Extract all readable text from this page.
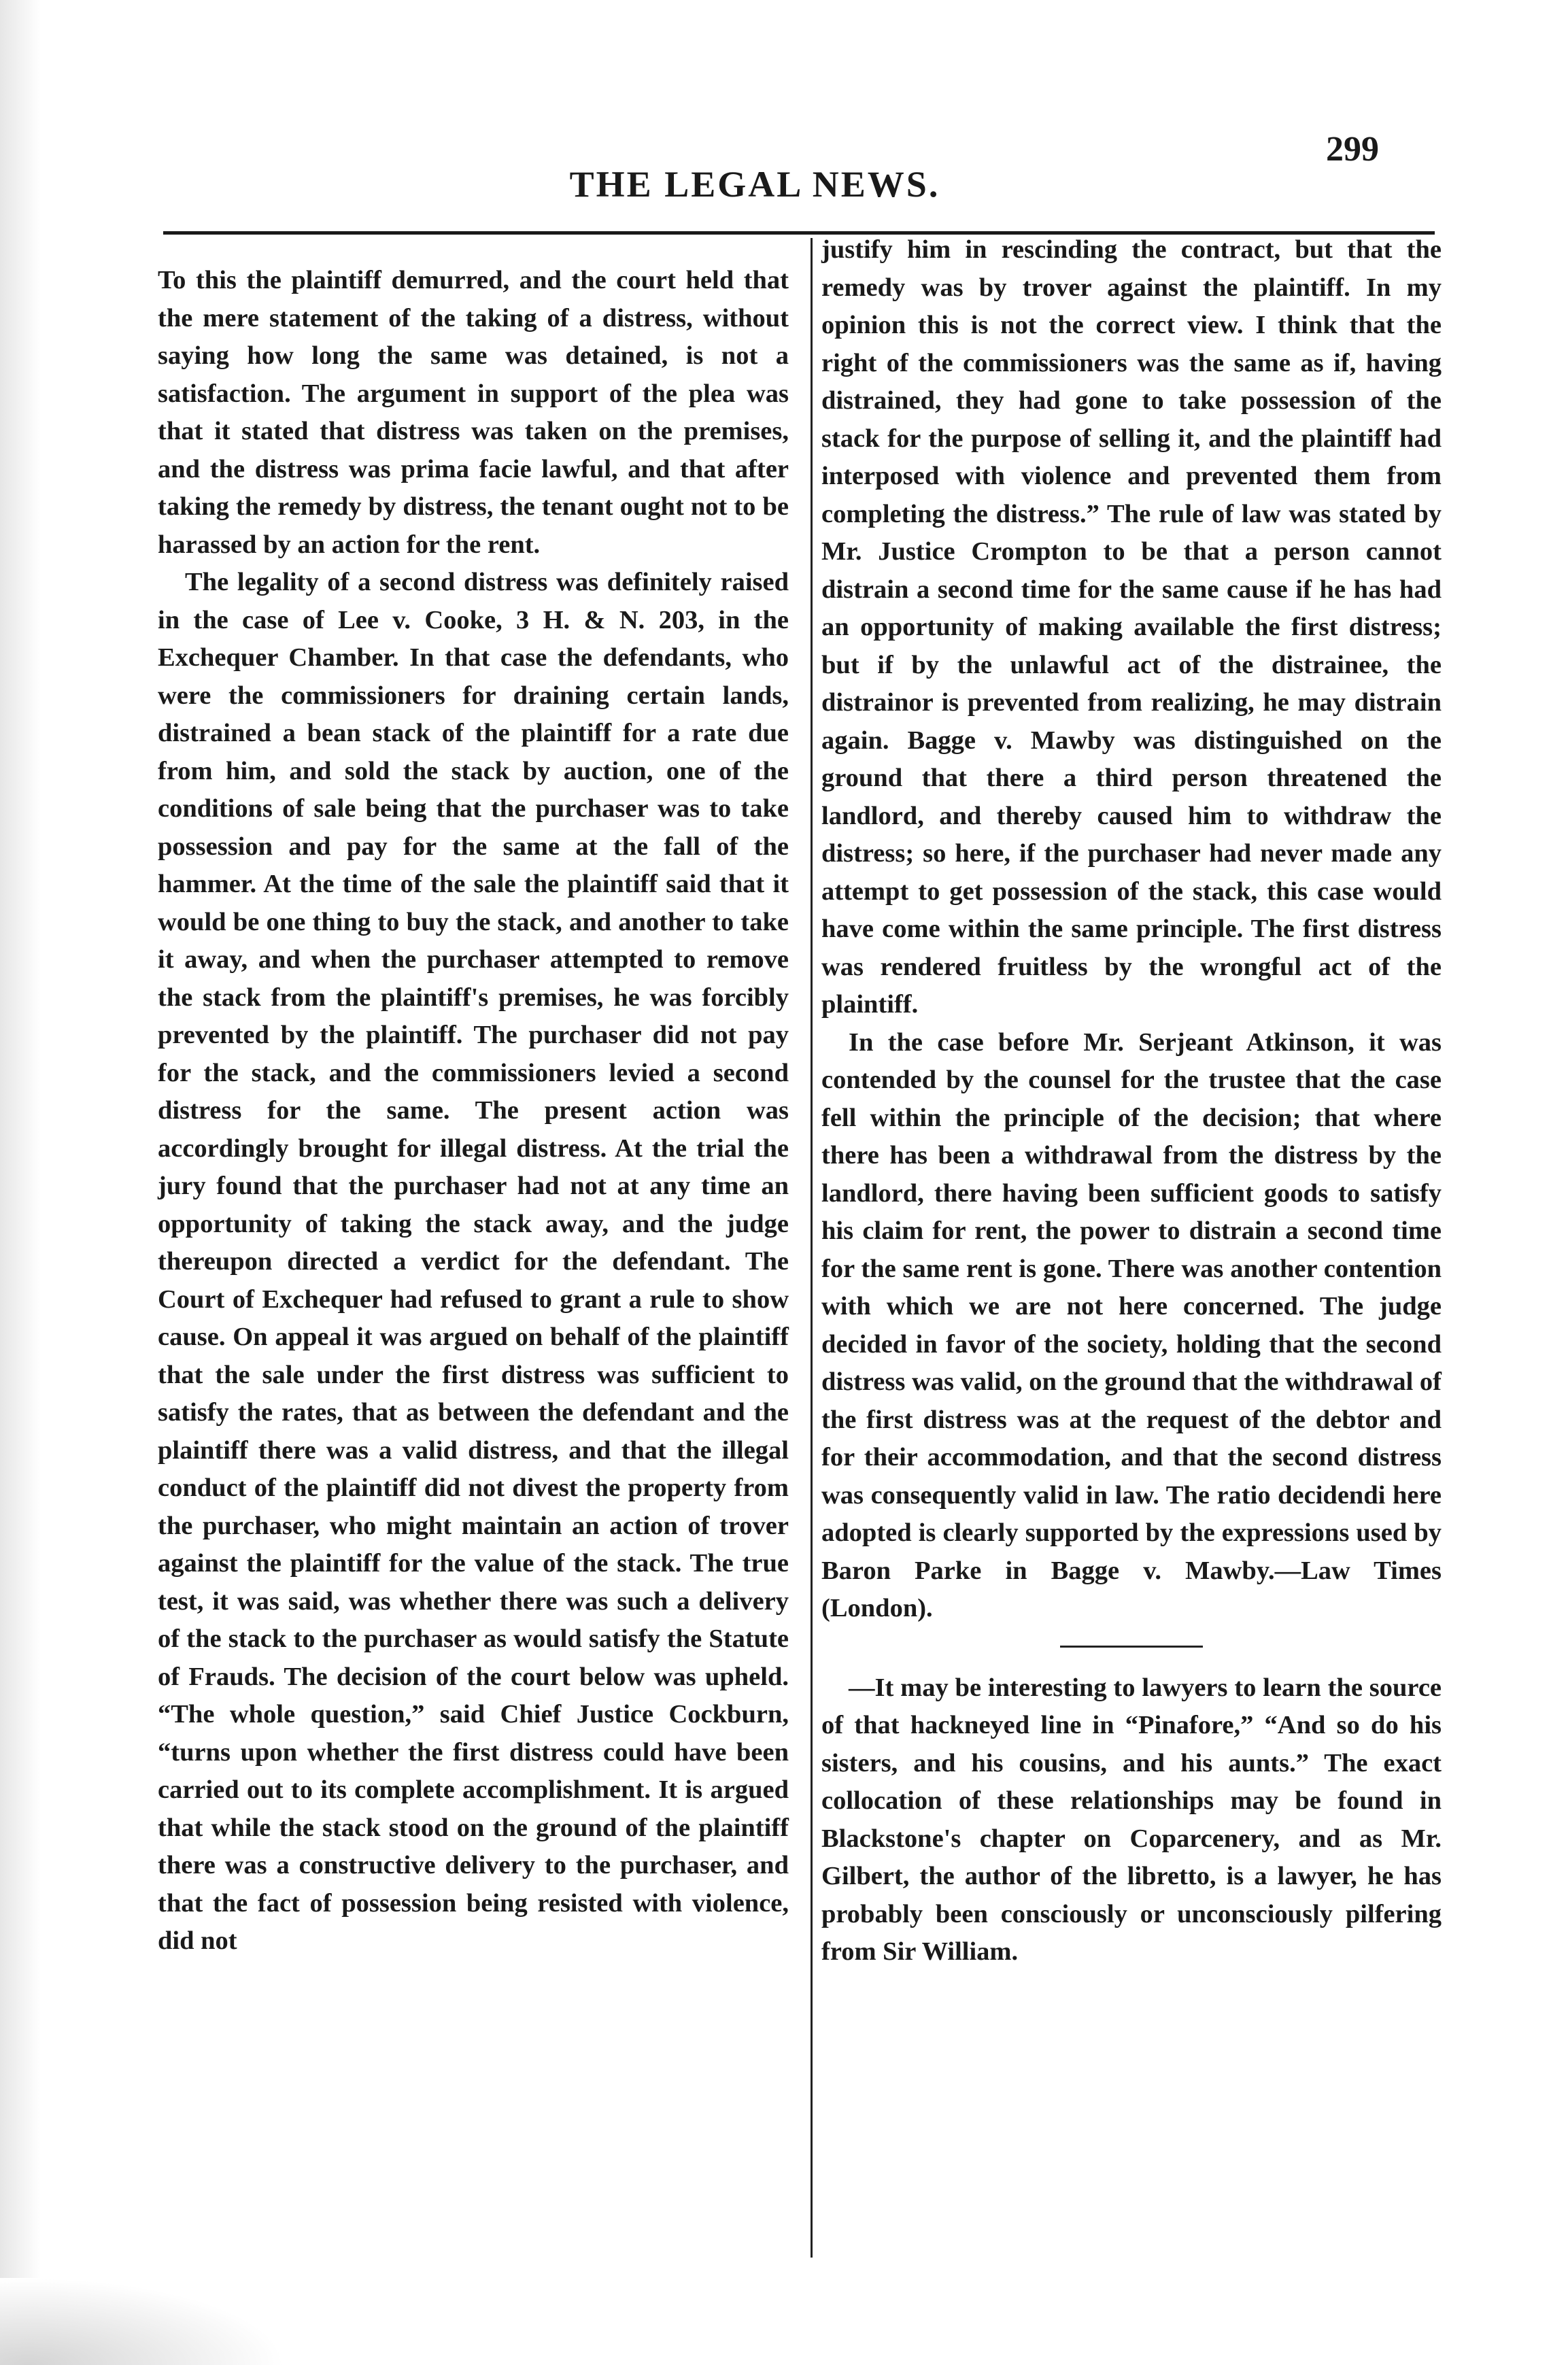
THE LEGAL NEWS.
299

To this the plaintiff demurred, and the court held that the mere statement of the taking of a distress, without saying how long the same was detained, is not a satisfaction. The argument in support of the plea was that it stated that distress was taken on the premises, and the distress was prima facie lawful, and that after taking the remedy by distress, the tenant ought not to be harassed by an action for the rent.

The legality of a second distress was definitely raised in the case of Lee v. Cooke, 3 H. & N. 203, in the Exchequer Chamber. In that case the defendants, who were the commissioners for draining certain lands, distrained a bean stack of the plaintiff for a rate due from him, and sold the stack by auction, one of the conditions of sale being that the purchaser was to take possession and pay for the same at the fall of the hammer. At the time of the sale the plaintiff said that it would be one thing to buy the stack, and another to take it away, and when the purchaser attempted to remove the stack from the plaintiff's premises, he was forcibly prevented by the plaintiff. The purchaser did not pay for the stack, and the commissioners levied a second distress for the same. The present action was accordingly brought for illegal distress. At the trial the jury found that the purchaser had not at any time an opportunity of taking the stack away, and the judge thereupon directed a verdict for the defendant. The Court of Exchequer had refused to grant a rule to show cause. On appeal it was argued on behalf of the plaintiff that the sale under the first distress was sufficient to satisfy the rates, that as between the defendant and the plaintiff there was a valid distress, and that the illegal conduct of the plaintiff did not divest the property from the purchaser, who might maintain an action of trover against the plaintiff for the value of the stack. The true test, it was said, was whether there was such a delivery of the stack to the purchaser as would satisfy the Statute of Frauds. The decision of the court below was upheld. “The whole question,” said Chief Justice Cockburn, “turns upon whether the first distress could have been carried out to its complete accomplishment. It is argued that while the stack stood on the ground of the plaintiff there was a constructive delivery to the purchaser, and that the fact of possession being resisted with violence, did not

justify him in rescinding the contract, but that the remedy was by trover against the plaintiff. In my opinion this is not the correct view. I think that the right of the commissioners was the same as if, having distrained, they had gone to take possession of the stack for the purpose of selling it, and the plaintiff had interposed with violence and prevented them from completing the distress.” The rule of law was stated by Mr. Justice Crompton to be that a person cannot distrain a second time for the same cause if he has had an opportunity of making available the first distress; but if by the unlawful act of the distrainee, the distrainor is prevented from realizing, he may distrain again. Bagge v. Mawby was distinguished on the ground that there a third person threatened the landlord, and thereby caused him to withdraw the distress; so here, if the purchaser had never made any attempt to get possession of the stack, this case would have come within the same principle. The first distress was rendered fruitless by the wrongful act of the plaintiff.

In the case before Mr. Serjeant Atkinson, it was contended by the counsel for the trustee that the case fell within the principle of the decision; that where there has been a withdrawal from the distress by the landlord, there having been sufficient goods to satisfy his claim for rent, the power to distrain a second time for the same rent is gone. There was another contention with which we are not here concerned. The judge decided in favor of the society, holding that the second distress was valid, on the ground that the withdrawal of the first distress was at the request of the debtor and for their accommodation, and that the second distress was consequently valid in law. The ratio decidendi here adopted is clearly supported by the expressions used by Baron Parke in Bagge v. Mawby.—Law Times (London).

—It may be interesting to lawyers to learn the source of that hackneyed line in “Pinafore,” “And so do his sisters, and his cousins, and his aunts.” The exact collocation of these relationships may be found in Blackstone's chapter on Coparcenery, and as Mr. Gilbert, the author of the libretto, is a lawyer, he has probably been consciously or unconsciously pilfering from Sir William.
